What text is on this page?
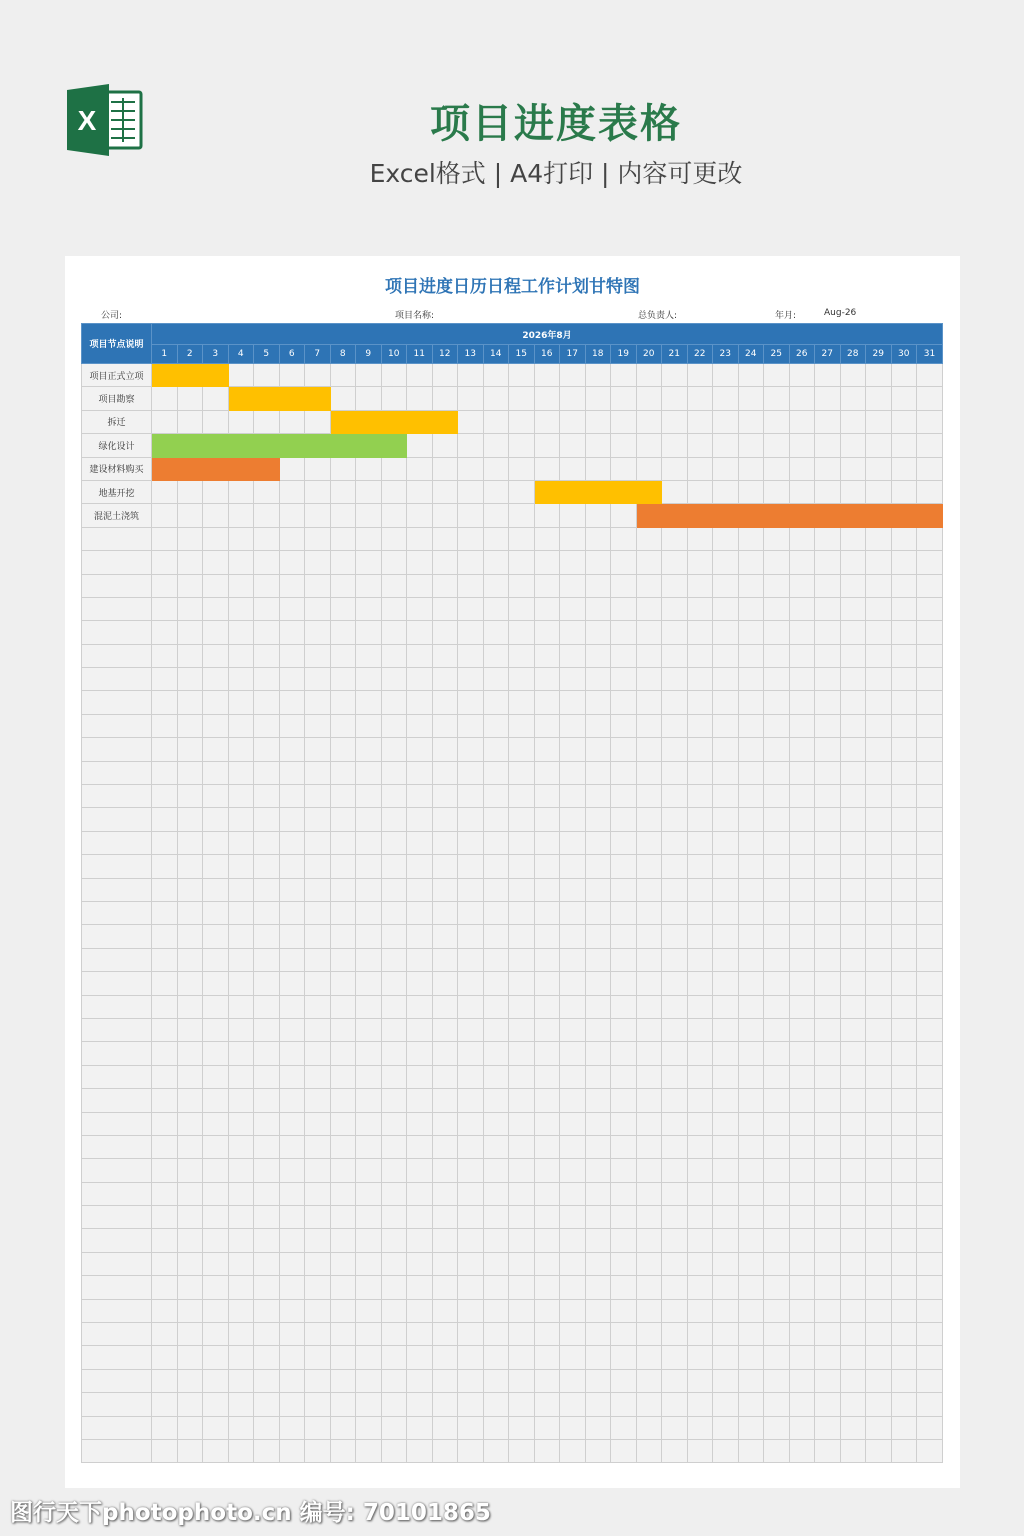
X	项目进度表格
Excel格式 | A4打印 | 内容可更改
项目进度日历日程工作计划甘特图
公司:	项目名称:	总负责人:	年月:	Aug-26
项目节点说明	2026年8月																														
	1	2	3	4	5	6	7	8	9	10	11	12	13	14	15	16	17	18	19	20	21	22	23	24	25	26	27	28	29	30	31
项目正式立项																															
项目勘察																															
拆迁																															
绿化设计																															
建设材料购买																															
地基开挖																															
混泥土浇筑																															

图行天下photophoto.cn 编号: 70101865
